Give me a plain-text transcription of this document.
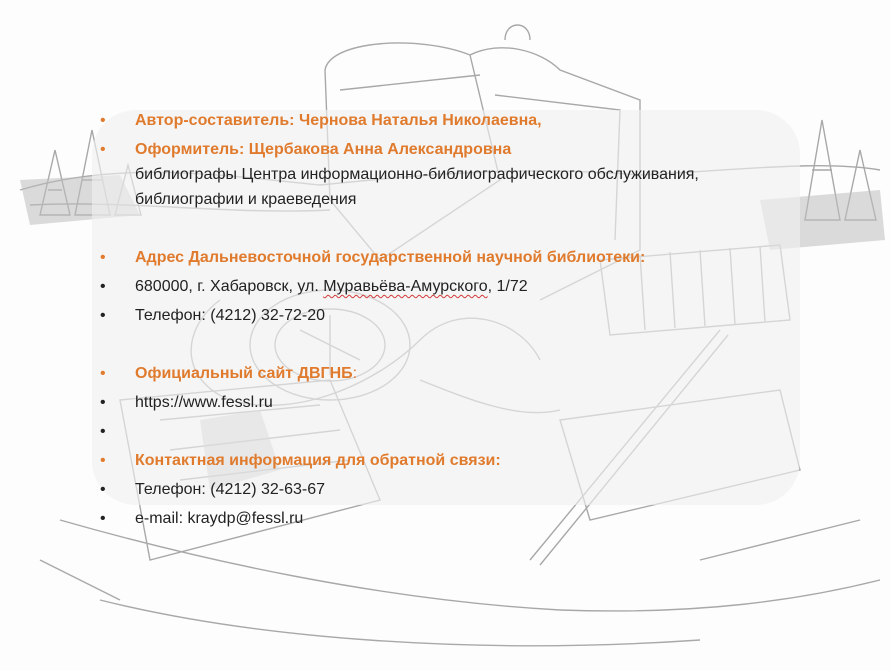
•	Автор-составитель: Чернова Наталья Николаевна,
•	Оформитель: Щербакова Анна Александровна
библиографы Центра информационно-библиографического обслуживания,
библиографии и краеведения
•	Адрес Дальневосточной государственной научной библиотеки:
•	680000, г. Хабаровск, ул. Муравьёва-Амурского, 1/72
•	Телефон: (4212) 32-72-20
•	Официальный сайт ДВГНБ:
•	https://www.fessl.ru
•
•	Контактная информация для обратной связи:
•	Телефон: (4212) 32-63-67
•	e-mail: kraydp@fessl.ru
